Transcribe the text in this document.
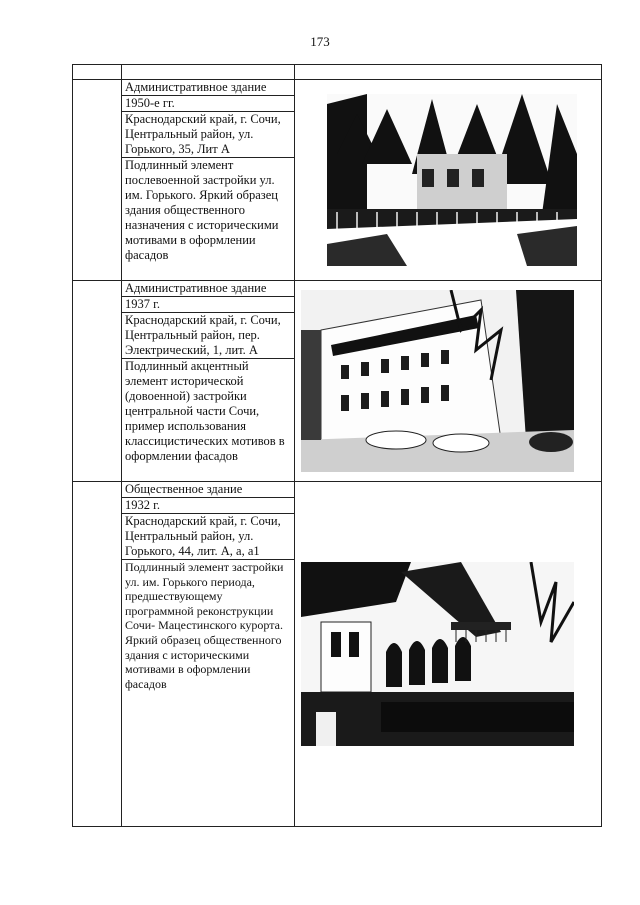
173

	Административное здание
1950-е гг.
Краснодарский край, г. Сочи, Центральный район, ул. Горького, 35, Лит А
Подлинный элемент послевоенной застройки ул. им. Горького. Яркий образец здания общественного назначения с историческими мотивами в оформлении фасадов

	Административное здание
1937 г.
Краснодарский край, г. Сочи, Центральный район, пер. Электрический, 1, лит. А
Подлинный акцентный элемент исторической (довоенной) застройки центральной части Сочи, пример использования классицистических мотивов в оформлении фасадов

	Общественное здание
1932 г.
Краснодарский край, г. Сочи, Центральный район, ул. Горького, 44, лит. А, а, а1
Подлинный элемент застройки ул. им. Горького периода, предшествующему программной реконструкции Сочи- Мацестинского курорта. Яркий образец общественного здания с историческими мотивами в оформлении фасадов
